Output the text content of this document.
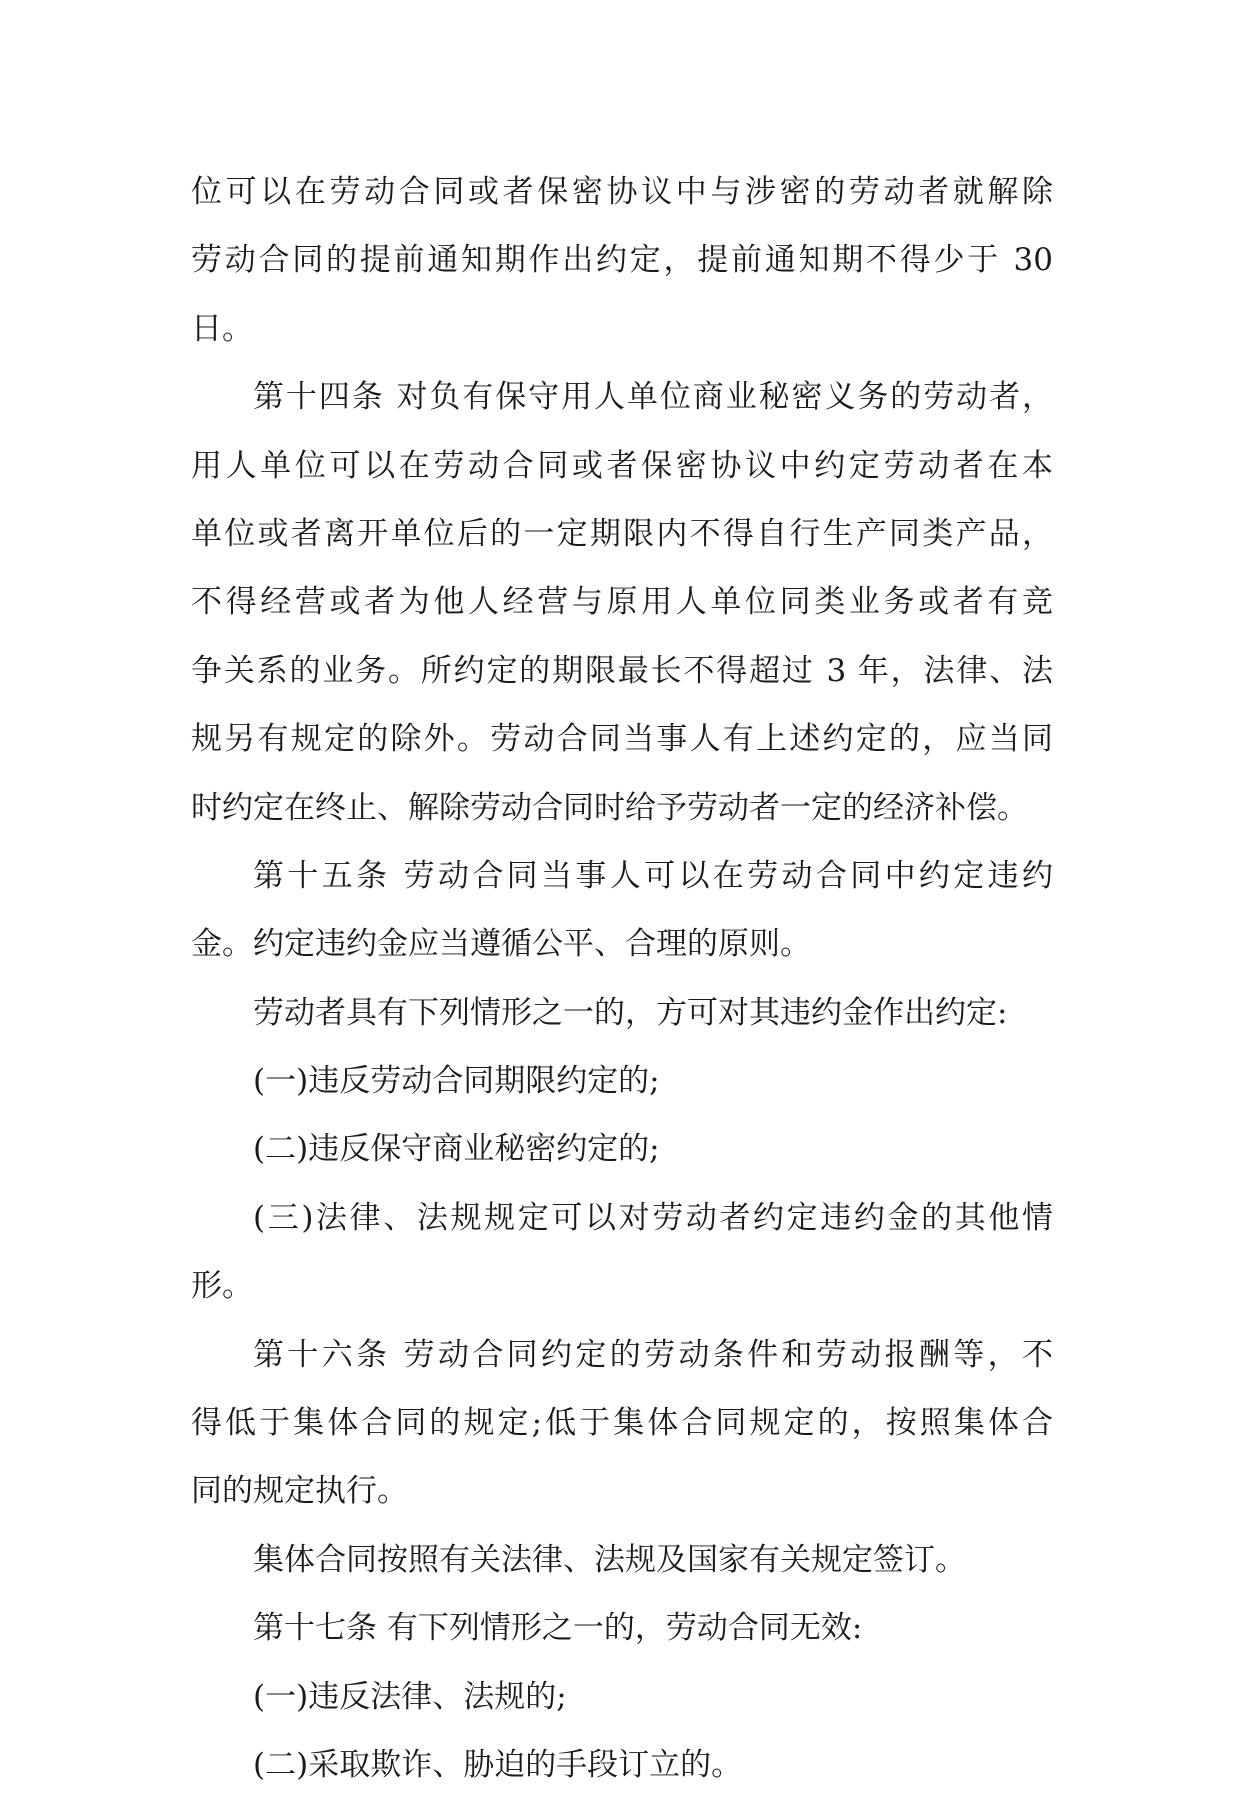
位可以在劳动合同或者保密协议中与涉密的劳动者就解除
劳动合同的提前通知期作出约定，提前通知期不得少于 30
日。
第十四条 对负有保守用人单位商业秘密义务的劳动者，
用人单位可以在劳动合同或者保密协议中约定劳动者在本
单位或者离开单位后的一定期限内不得自行生产同类产品，
不得经营或者为他人经营与原用人单位同类业务或者有竞
争关系的业务。所约定的期限最长不得超过 3 年，法律、法
规另有规定的除外。劳动合同当事人有上述约定的，应当同
时约定在终止、解除劳动合同时给予劳动者一定的经济补偿。
第十五条 劳动合同当事人可以在劳动合同中约定违约
金。约定违约金应当遵循公平、合理的原则。
劳动者具有下列情形之一的，方可对其违约金作出约定:
(一)违反劳动合同期限约定的;
(二)违反保守商业秘密约定的;
(三)法律、法规规定可以对劳动者约定违约金的其他情
形。
第十六条 劳动合同约定的劳动条件和劳动报酬等，不
得低于集体合同的规定;低于集体合同规定的，按照集体合
同的规定执行。
集体合同按照有关法律、法规及国家有关规定签订。
第十七条 有下列情形之一的，劳动合同无效:
(一)违反法律、法规的;
(二)采取欺诈、胁迫的手段订立的。
